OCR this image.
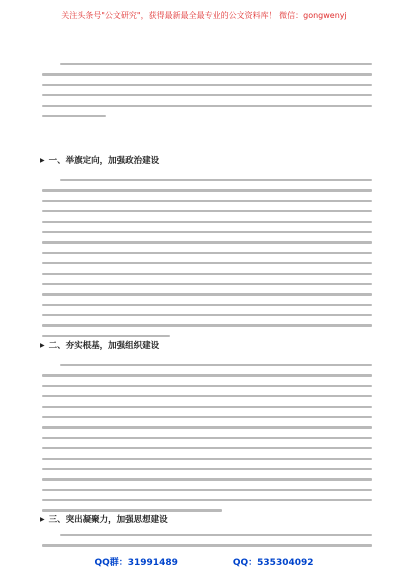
关注头条号"公文研究"，获得最新最全最专业的公文资料库！ 微信：gongwenyj
▶ 一、举旗定向，加强政治建设
▶ 二、夯实根基，加强组织建设
▶ 三、突出凝聚力，加强思想建设
QQ群：31991489	QQ：535304092
